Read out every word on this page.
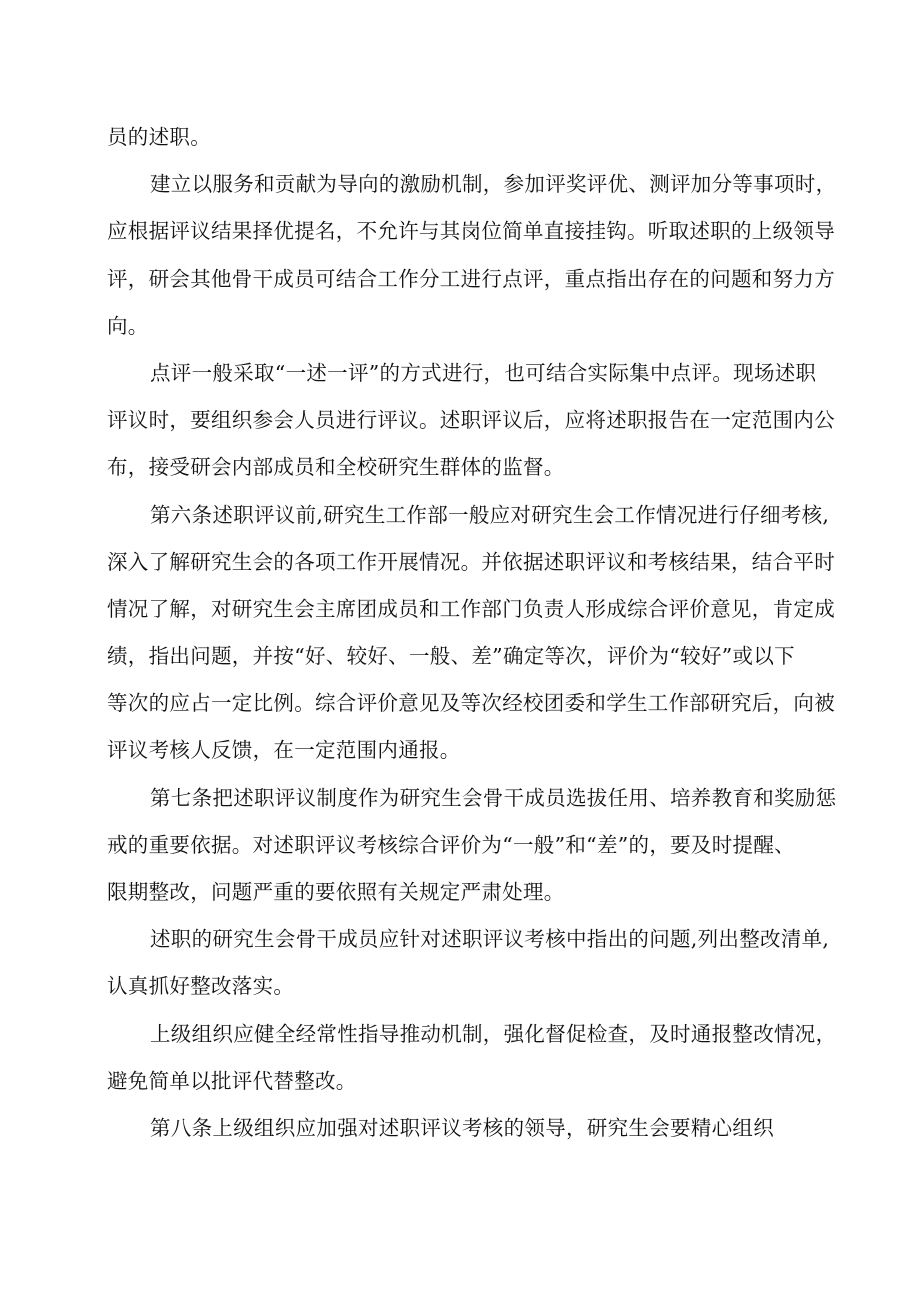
员的述职。

建立以服务和贡献为导向的激励机制，参加评奖评优、测评加分等事项时，
应根据评议结果择优提名，不允许与其岗位简单直接挂钩。听取述职的上级领导
评，研会其他骨干成员可结合工作分工进行点评，重点指出存在的问题和努力方
向。

点评一般采取“一述一评”的方式进行，也可结合实际集中点评。现场述职
评议时，要组织参会人员进行评议。述职评议后，应将述职报告在一定范围内公
布，接受研会内部成员和全校研究生群体的监督。

第六条述职评议前,研究生工作部一般应对研究生会工作情况进行仔细考核,
深入了解研究生会的各项工作开展情况。并依据述职评议和考核结果，结合平时
情况了解，对研究生会主席团成员和工作部门负责人形成综合评价意见，肯定成
绩，指出问题，并按“好、较好、一般、差”确定等次，评价为“较好”或以下
等次的应占一定比例。综合评价意见及等次经校团委和学生工作部研究后，向被
评议考核人反馈，在一定范围内通报。

第七条把述职评议制度作为研究生会骨干成员选拔任用、培养教育和奖励惩
戒的重要依据。对述职评议考核综合评价为“一般”和“差”的，要及时提醒、
限期整改，问题严重的要依照有关规定严肃处理。

述职的研究生会骨干成员应针对述职评议考核中指出的问题,列出整改清单,
认真抓好整改落实。

上级组织应健全经常性指导推动机制，强化督促检查，及时通报整改情况，
避免简单以批评代替整改。

第八条上级组织应加强对述职评议考核的领导，研究生会要精心组织
